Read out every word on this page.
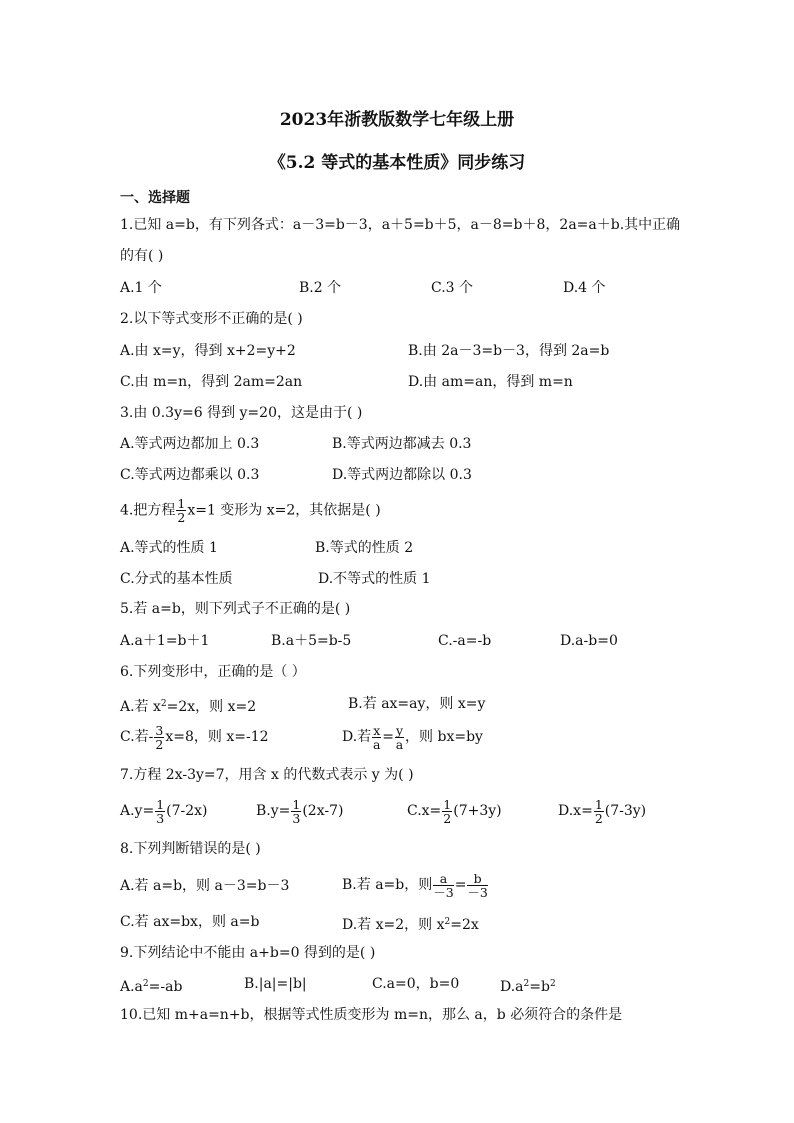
2023年浙教版数学七年级上册
《5.2 等式的基本性质》同步练习
一、选择题
1.已知 a=b，有下列各式：a－3=b－3，a＋5=b＋5，a－8=b＋8，2a=a＋b.其中正确
的有( )
A.1 个	B.2 个	C.3 个	D.4 个
2.以下等式变形不正确的是( )
A.由 x=y，得到 x+2=y+2	B.由 2a－3=b－3，得到 2a=b
C.由 m=n，得到 2am=2an	D.由 am=an，得到 m=n
3.由 0.3y=6 得到 y=20，这是由于( )
A.等式两边都加上 0.3	B.等式两边都减去 0.3
C.等式两边都乘以 0.3	D.等式两边都除以 0.3
4.把方程 $\frac{1}{2} x=1$ 变形为 x=2，其依据是( )
A.等式的性质 1	B.等式的性质 2
C.分式的基本性质	D.不等式的性质 1
5.若 a=b，则下列式子不正确的是( )
A.a＋1=b＋1	B.a＋5=b-5	C.-a=-b	D.a-b=0
6.下列变形中，正确的是（ ）
A.若 $x^2=2x$，则 x=2	B.若 ax=ay，则 x=y
C.若- $\frac{3}{2} x=8$，则 x=-12	D.若 $\frac{x}{a} = \frac{y}{a}$ ，则 bx=by
7.方程 2x-3y=7，用含 x 的代数式表示 y 为( )
$A.y= \frac{1}{3} (7-2x)$	$B.y= \frac{1}{3} (2x-7)$	$C.x= \frac{1}{2} (7+3y)$	$D.x= \frac{1}{2} (7-3y)$
8.下列判断错误的是( )
A.若 a=b，则 a－3=b－3	B.若 a=b，则 $\frac{a}{-3} = \frac{b}{-3}$
C.若 ax=bx，则 a=b	D.若 x=2，则 $x^2=2x$
9.下列结论中不能由 a+b=0 得到的是( )
$A.a^2=-ab$	B.|a|=|b|	C.a=0，b=0	$D.a^2=b^2$
10.已知 m+a=n+b，根据等式性质变形为 m=n，那么 a，b 必须符合的条件是
